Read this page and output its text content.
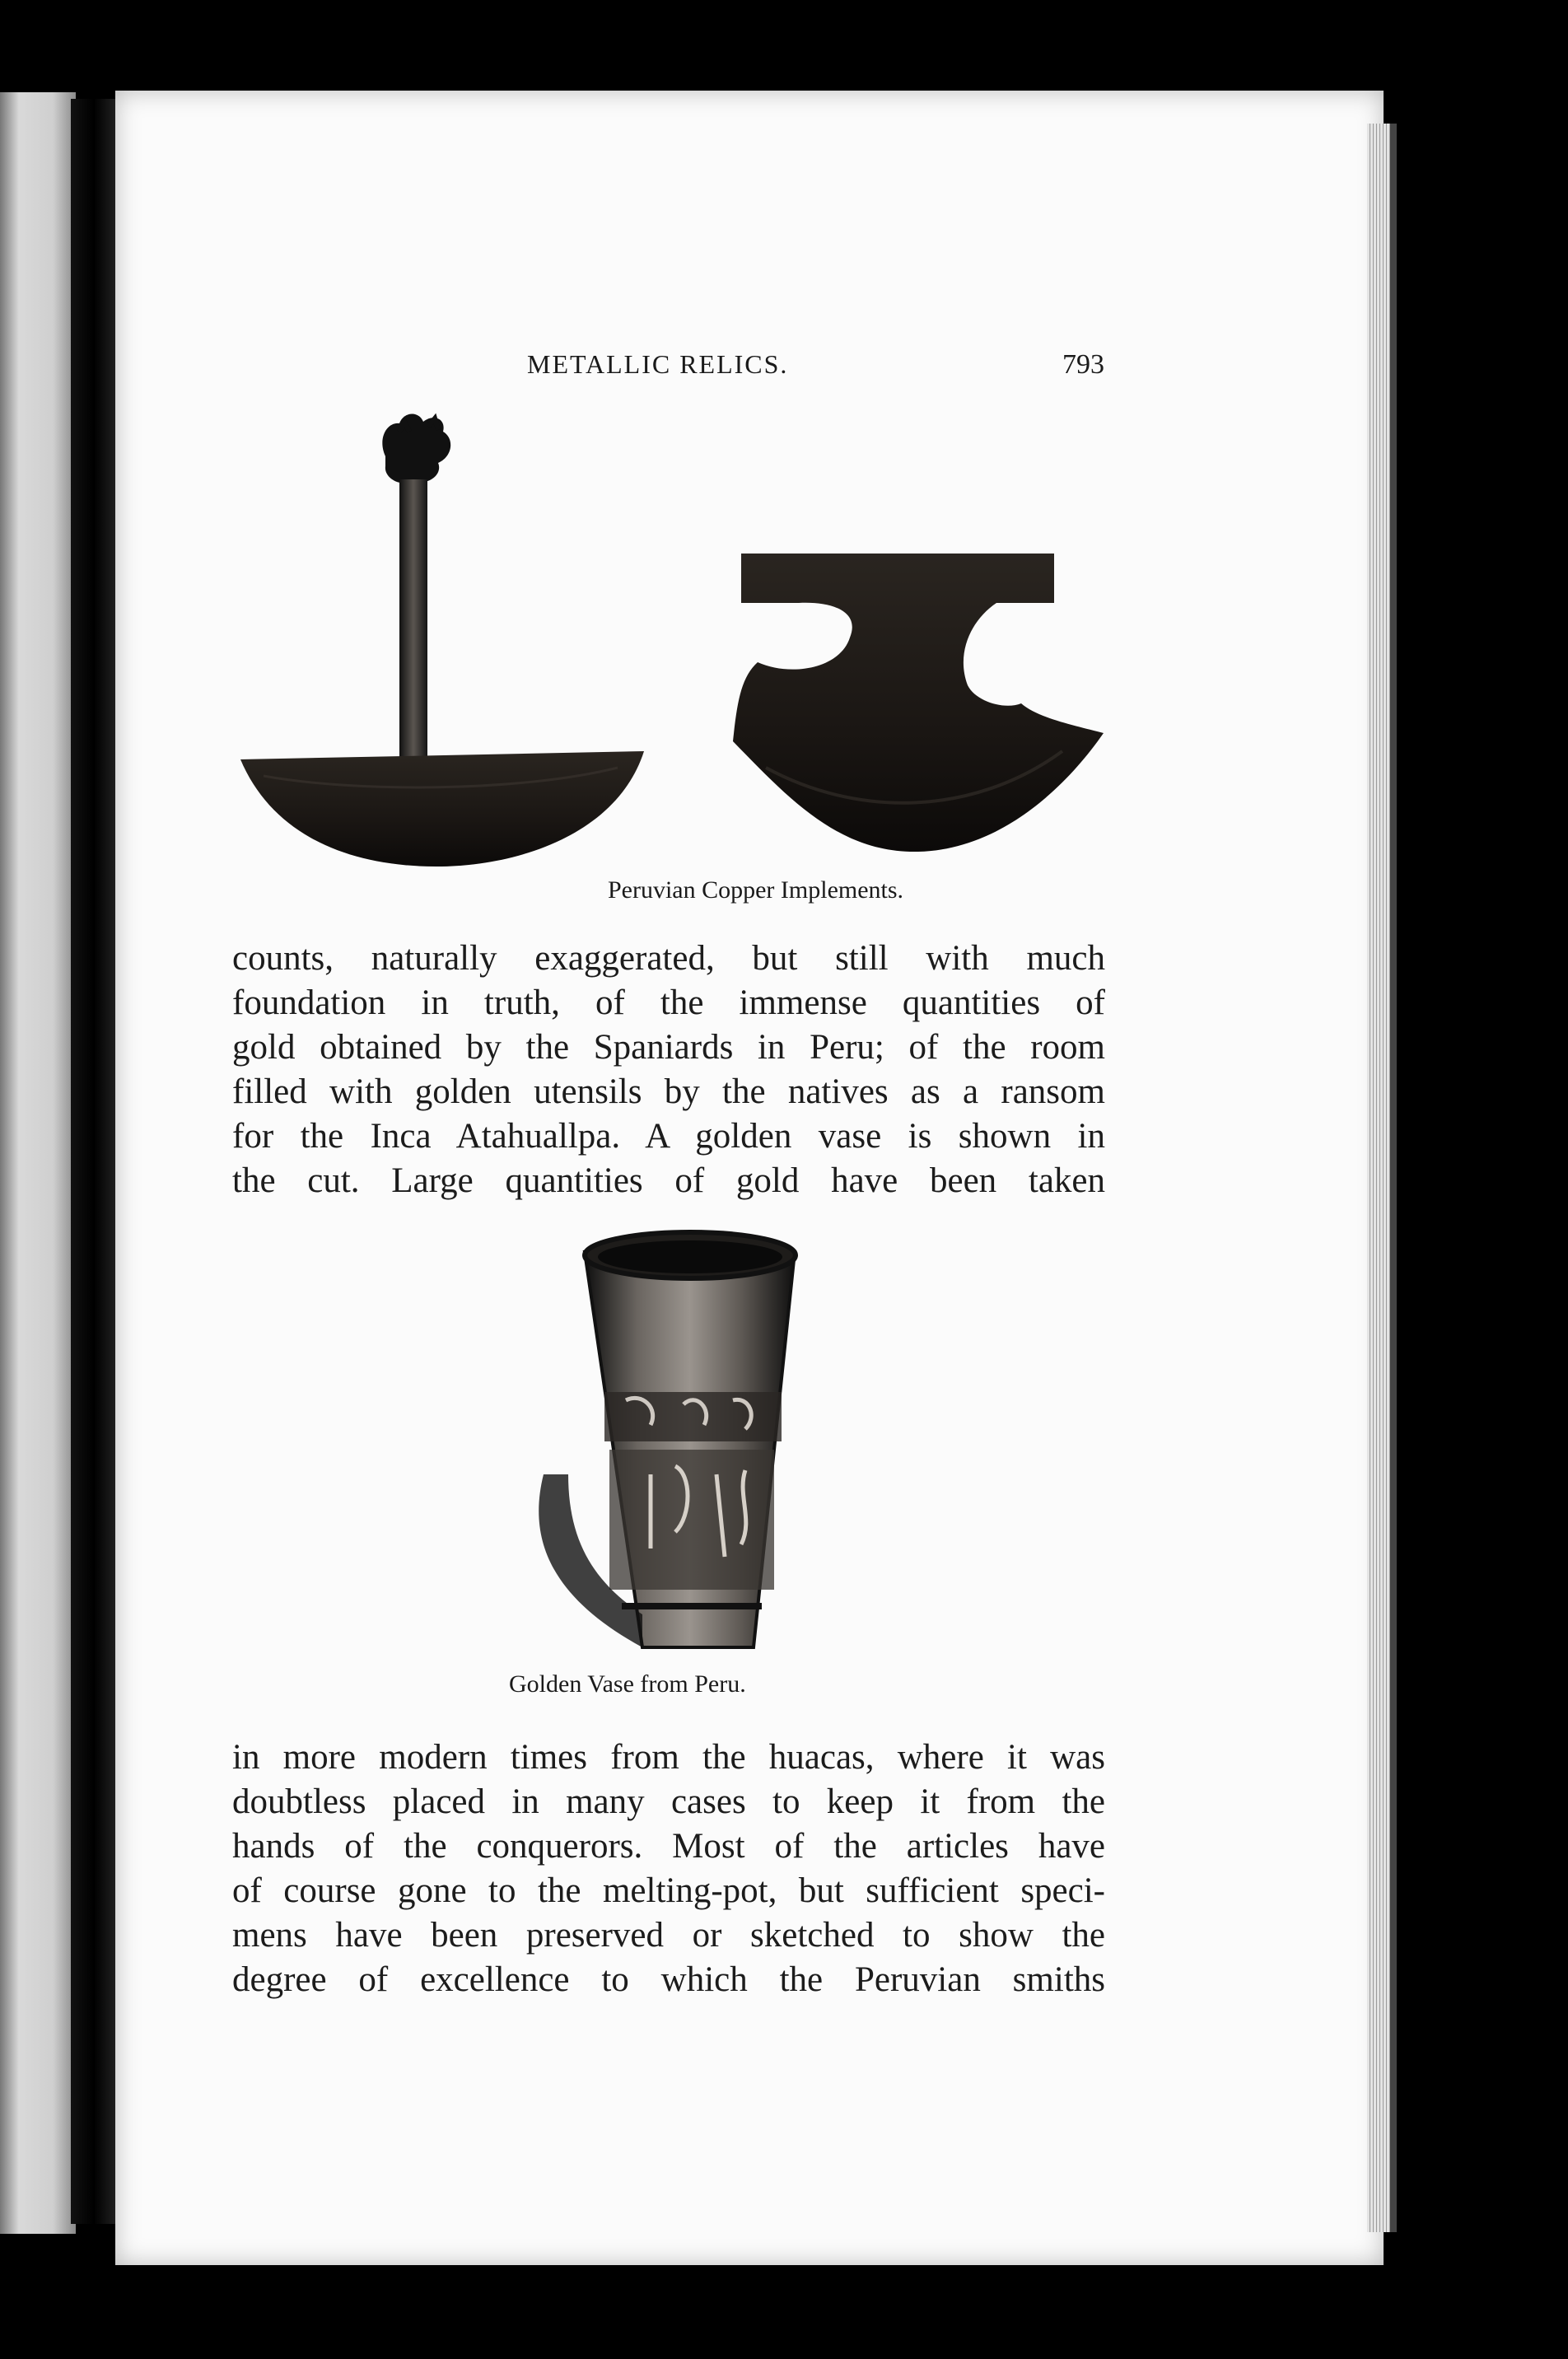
METALLIC RELICS.	793
Peruvian Copper Implements.
counts, naturally exaggerated, but still with much
foundation in truth, of the immense quantities of
gold obtained by the Spaniards in Peru; of the room
filled with golden utensils by the natives as a ransom
for the Inca Atahuallpa. A golden vase is shown in
the cut. Large quantities of gold have been taken
Golden Vase from Peru.
in more modern times from the huacas, where it was
doubtless placed in many cases to keep it from the
hands of the conquerors. Most of the articles have
of course gone to the melting-pot, but sufficient speci-
mens have been preserved or sketched to show the
degree of excellence to which the Peruvian smiths
